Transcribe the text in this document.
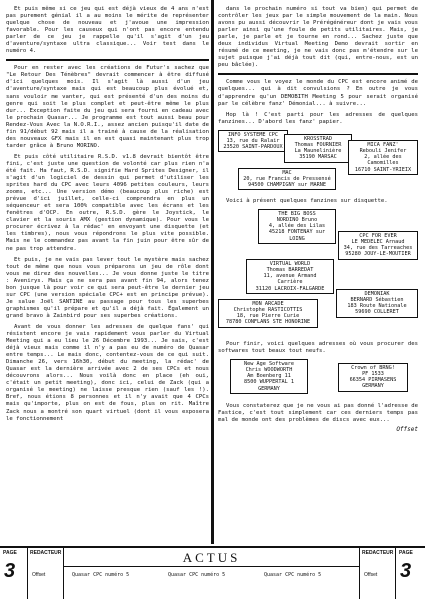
Et puis même si ce jeu qui est déjà vieux de 4 ans n'est pas purement génial il a au moins le mérite de représenter quelque chose de nouveau et j'avoue une impression favorable. Pour les causeux qui n'ont pas encore entendu parler de ce jeu je rappelle qu'il s'agit d'un jeu d'aventure/syntaxe ultra classique... Voir test dans le numéro 4.

Pour en rester avec les créations de Futur's sachez que "Le Retour Des Ténèbres" devrait commencer à être diffusé d'ici quelques mois. Il s'agit là aussi d'un jeu d'aventure/syntaxe mais qui est beaucoup plus évolué et, sans vouloir me vanter, qui est présenté d'un des moins du genre qui soit le plus complet et peut-être même le plus dur... Exception faite du jeu qui sera fourni en cadeau avec le prochain Quasar... Je programme est tout aussi beau pour Rendez-Vous Avec la N.O.R.I., assez ancien puisqu'il date de fin 91/début 92 mais il a trainé à cause de la réalisation des nouveaux GFX mais il en est quasi maintenant plus trop tarder grâce à Bruno MORINO.

Et puis côté utilitaire R.S.D. v1.8 devrait bientôt être fini, c'est juste une question de volonté car plus rien n'a été fait. Ha faut, R.S.D. signifie Hard Sprites Designer, il s'agit d'un logiciel de dessin qui permet d'utiliser les sprites hard du CPC avec leurs 4096 petites couleurs, leurs zooms, etc... Une version démo (beaucoup plus riche) est prévue d'ici juillet, celle-ci comprendra en plus un séquenceur et sera 100% compatible avec les écrans et les fenêtres d'OCP. En outre, R.S.D. gère le Joystick, le clavier et la souris AMX (gestion dynamique). Pour vous le procurer écrivez à la rédac' en envoyant une disquette (et les timbres), nous vous répondrons le plus vite possible. Mais ne le commandez pas avant la fin juin pour être sûr de ne pas trop attendre.

Et puis, je ne vais pas lever tout le mystère mais sachez tout de même que nous vous préparons un jeu de rôle dont vous me direz des nouvelles... Je vous donne juste le titre : Avenirys. Mais ça ne sera pas avant fin 94, alors tenez bon jusque là pour voir ce qui sera peut-être le dernier jeu sur CPC (une version spéciale CPC+ est en principe prévue). Je salue Joël SANTINE au passage pour tous les superbes graphismes qu'il prépare et qu'il a déjà fait. Également un grand bravo à Zainbird pour ses superbes créations.

Avant de vous donner les adresses de quelque fans' qui résistent encore je vais rapidement vous parler du Virtual Meeting qui a eu lieu le 26 Décembre 1993... Je sais, c'est déjà vieux mais comme il n'y a pas eu de numéro de Quasar entre temps... Le mais donc, contentez-vous de ce qui suit. Dimanche 26, vers 16h30, début du meeting, la rédac' de Quasar est la dernière arrivée avec 2 de ses CPCs et nous découvrons alors... Nous voilà donc en place (eh oui, c'était un petit meeting), donc ici, celui de Zack (qui a organisé le meeting) ne laisse presque rien (sauf les !). Bref, nous étions 8 personnes et il n'y avait que 4 CPCs mais qu'importe, plus on est de fous, plus on rit. Maître Zack nous a montré son quart virtuel (dont il vous exposera le fonctionnement

dans le prochain numéro si tout va bien) qui permet de contrôler les jeux par le simple mouvement de la main. Nous avons pu aussi découvrir le Prérégénéreur dont je vais vous parler ainsi qu'une foule de petits utilitaires. Mais, je parle, je parle et je tourne en rond... Sachez juste que deux individus Virtual Meeting Demo devrait sortir en résumé de ce meeting, je ne vais donc pas m'étendre sur le sujet puisque j'ai déjà tout dit (qui, entre-nous, est un peu bâclée).

Comme vous le voyez le monde du CPC est encore animé de quelques... qui à dit convulsions ? En outre je vous d'apprendre qu'un DEMOBITH Meeting 5 pour serait organisé par le célèbre fanz' Démonial... à suivre...

Hop là ! C'est parti pour les adresses de quelques fanzines... D'abord les fanz' papier.

INFO SYSTEME CPC
13, rue du Ralair
23520 SAINT-PARDOUX
KROSSTRAD
Thomas FOURNIER
La Maunelinière
35190 MARSAC
MICA FANZ'
Rebouli Jenifer
2, allée des Camomilles
16710 SAINT-YRIEIX
MAC
20, rue Francis de Pressensé
94500 CHAMPIGNY sur MARNE

Voici à présent quelques fanzines sur disquette.

THE BIG BOSS
NORDINO Bruno
4, allée des Lilas
45218 FONTENAY sur LOING	CPC FOR EVER
LE MEDELEC Arnaud
34, rue des Tarreaches
95280 JOUY-LE-MOUTIER
VIRTUAL WORLD
Thomas BARREDAT
11, avenue Armand Carrière
31120 LACROIX-FALGARDE
MON ARCADE
Christophe RASTICOTTIS
18, rue Pierre Curie
78780 CONFLANS STE HONORINE
DEMONIAK
BERNARD Sébastien
183 Route Nationale
59690 COLLERET

Pour finir, voici quelques adresses où vous procurer des softwares tout beaux tout neufs.

New Age Software
Chris WOODWORTH
Am Boenberg 11
8500 WUPPERTAL 1
GERMANY
Crown of BRNG!
PF 1533
66354 PIRMASENS
GERMANY

Vous constaterez que je ne vous ai pas donné l'adresse de Fastice, c'est tout simplement car ces derniers temps pas mal de monde ont des problèmes de discs avec eux...

Offset
PAGE
3
REDACTEUR
Offset
ACTUS
Quasar CPC numéro 5	Quasar CPC numéro 5	Quasar CPC numéro 5
REDACTEUR
Offset
PAGE
3
